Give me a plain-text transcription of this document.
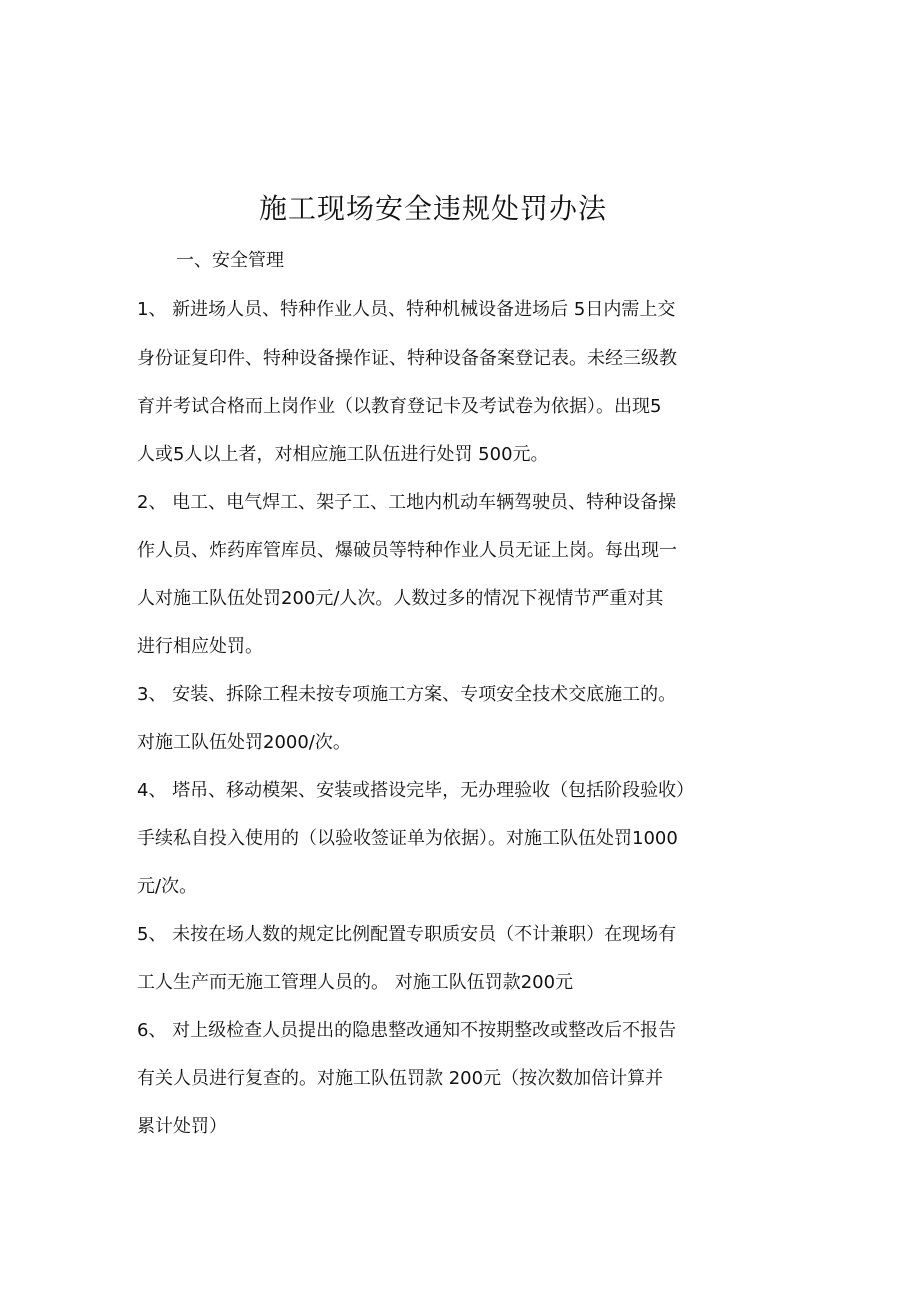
施工现场安全违规处罚办法
一、安全管理
1、 新进场人员、特种作业人员、特种机械设备进场后 5日内需上交
身份证复印件、特种设备操作证、特种设备备案登记表。未经三级教
育并考试合格而上岗作业（以教育登记卡及考试卷为依据）。出现5
人或5人以上者，对相应施工队伍进行处罚 500元。
2、 电工、电气焊工、架子工、工地内机动车辆驾驶员、特种设备操
作人员、炸药库管库员、爆破员等特种作业人员无证上岗。每出现一
人对施工队伍处罚200元/人次。人数过多的情况下视情节严重对其
进行相应处罚。
3、 安装、拆除工程未按专项施工方案、专项安全技术交底施工的。
对施工队伍处罚2000/次。
4、 塔吊、移动模架、安装或搭设完毕，无办理验收（包括阶段验收）
手续私自投入使用的（以验收签证单为依据）。对施工队伍处罚1000
元/次。
5、 未按在场人数的规定比例配置专职质安员（不计兼职）在现场有
工人生产而无施工管理人员的。 对施工队伍罚款200元
6、 对上级检查人员提出的隐患整改通知不按期整改或整改后不报告
有关人员进行复查的。对施工队伍罚款 200元（按次数加倍计算并
累计处罚）
